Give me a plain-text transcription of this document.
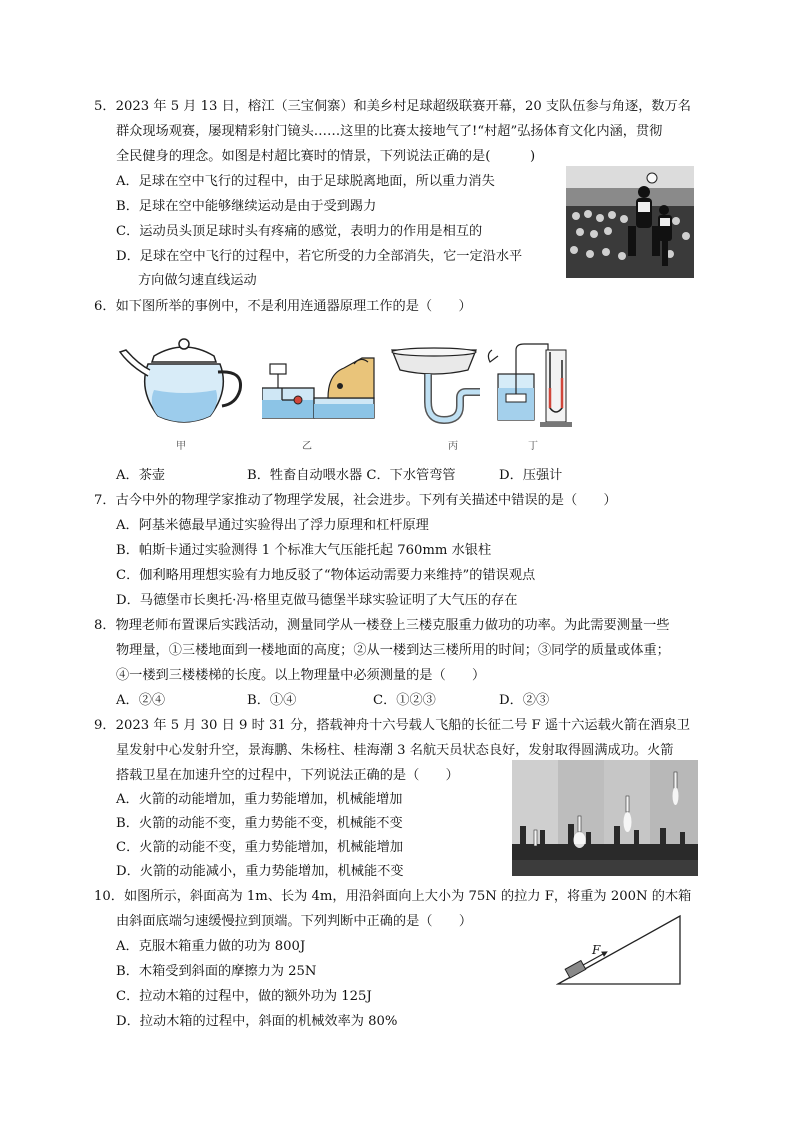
5．2023 年 5 月 13 日，榕江（三宝侗寨）和美乡村足球超级联赛开幕，20 支队伍参与角逐，数万名
群众现场观赛，屡现精彩射门镜头……这里的比赛太接地气了!“村超”弘扬体育文化内涵，贯彻
全民健身的理念。如图是村超比赛时的情景，下列说法正确的是(　　　)
A．足球在空中飞行的过程中，由于足球脱离地面，所以重力消失
B．足球在空中能够继续运动是由于受到踢力
C．运动员头顶足球时头有疼痛的感觉，表明力的作用是相互的
D．足球在空中飞行的过程中，若它所受的力全部消失，它一定沿水平
方向做匀速直线运动
6．如下图所举的事例中，不是利用连通器原理工作的是（　　）
甲	乙	丙	丁
A．茶壶	B．牲畜自动喂水器 C．下水管弯管	D．压强计
7．古今中外的物理学家推动了物理学发展，社会进步。下列有关描述中错误的是（　　）
A．阿基米德最早通过实验得出了浮力原理和杠杆原理
B．帕斯卡通过实验测得 1 个标准大气压能托起 760mm 水银柱
C．伽利略用理想实验有力地反驳了“物体运动需要力来维持”的错误观点
D．马德堡市长奥托·冯·格里克做马德堡半球实验证明了大气压的存在
8．物理老师布置课后实践活动，测量同学从一楼登上三楼克服重力做功的功率。为此需要测量一些
物理量，①三楼地面到一楼地面的高度；②从一楼到达三楼所用的时间；③同学的质量或体重；
④一楼到三楼楼梯的长度。以上物理量中必须测量的是（　　）
A．②④	B．①④	C．①②③	D．②③
9．2023 年 5 月 30 日 9 时 31 分，搭载神舟十六号载人飞船的长征二号 F 遥十六运载火箭在酒泉卫
星发射中心发射升空，景海鹏、朱杨柱、桂海潮 3 名航天员状态良好，发射取得圆满成功。火箭
搭载卫星在加速升空的过程中，下列说法正确的是（　　）
A．火箭的动能增加，重力势能增加，机械能增加
B．火箭的动能不变，重力势能不变，机械能不变
C．火箭的动能不变，重力势能增加，机械能增加
D．火箭的动能减小，重力势能增加，机械能不变
10．如图所示，斜面高为 1m、长为 4m，用沿斜面向上大小为 75N 的拉力 F，将重为 200N 的木箱
由斜面底端匀速缓慢拉到顶端。下列判断中正确的是（　　）
A．克服木箱重力做的功为 800J
B．木箱受到斜面的摩擦力为 25N
C．拉动木箱的过程中，做的额外功为 125J
D．拉动木箱的过程中，斜面的机械效率为 80%
F
